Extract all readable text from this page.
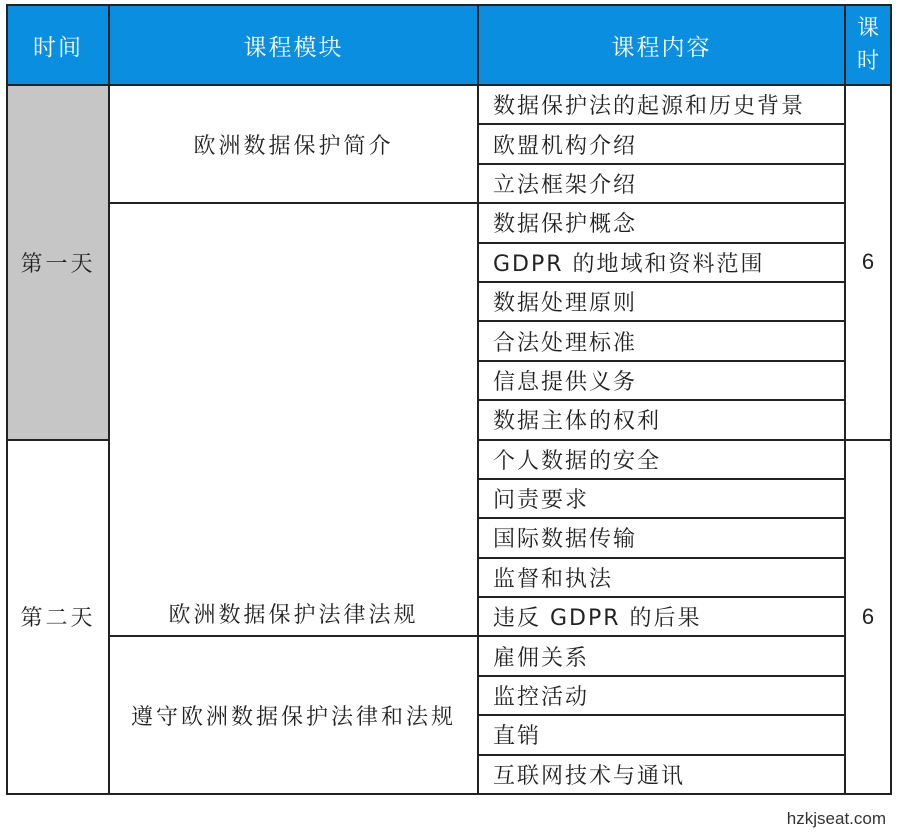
时间	课程模块	课程内容	课
时

第一天	欧洲数据保护简介	数据保护法的起源和历史背景	6
		欧盟机构介绍	
		立法框架介绍	
	欧洲数据保护法律法规	数据保护概念	
		GDPR 的地域和资料范围	
		数据处理原则	
		合法处理标准	
		信息提供义务	
		数据主体的权利	
第二天		个人数据的安全	6
		问责要求	
		国际数据传输	
		监督和执法	
		违反 GDPR 的后果	
	遵守欧洲数据保护法律和法规	雇佣关系	
		监控活动	
		直销	
		互联网技术与通讯	
hzkjseat.com
